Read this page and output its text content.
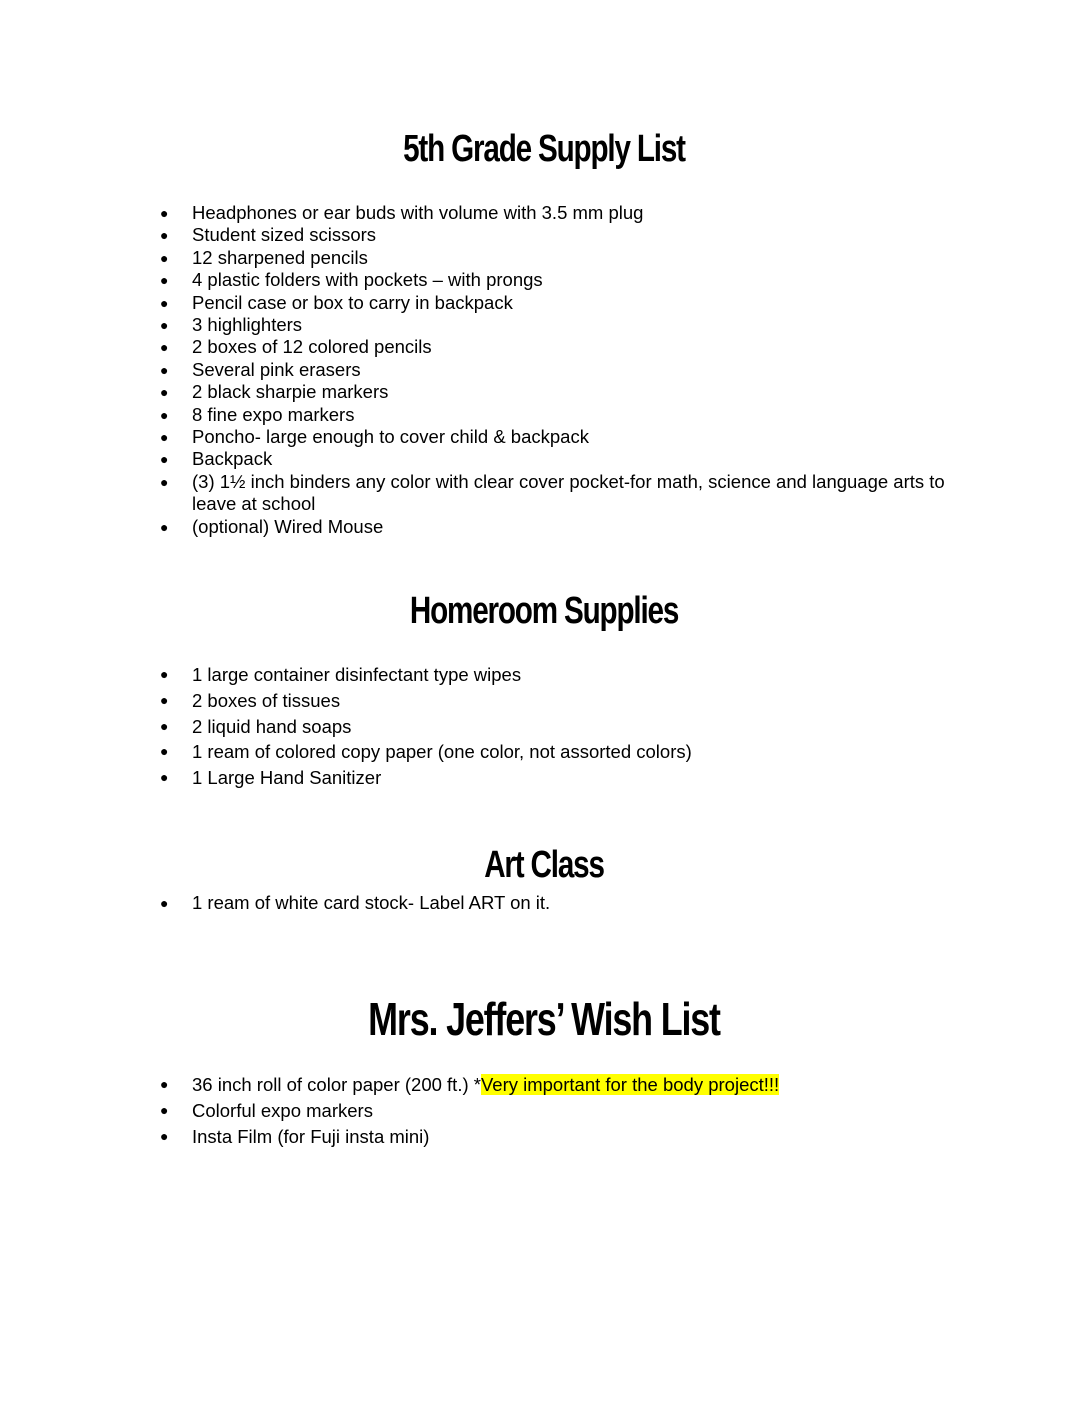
5th Grade Supply List
● Headphones or ear buds with volume with 3.5 mm plug
● Student sized scissors
● 12 sharpened pencils
● 4 plastic folders with pockets – with prongs
● Pencil case or box to carry in backpack
● 3 highlighters
● 2 boxes of 12 colored pencils
● Several pink erasers
● 2 black sharpie markers
● 8 fine expo markers
● Poncho- large enough to cover child & backpack
● Backpack
● (3) 1½ inch binders any color with clear cover pocket-for math, science and language arts to leave at school
● (optional) Wired Mouse
Homeroom Supplies
● 1 large container disinfectant type wipes
● 2 boxes of tissues
● 2 liquid hand soaps
● 1 ream of colored copy paper (one color, not assorted colors)
● 1 Large Hand Sanitizer
Art Class
● 1 ream of white card stock- Label ART on it.
Mrs. Jeffers’ Wish List
● 36 inch roll of color paper (200 ft.) *Very important for the body project!!!
● Colorful expo markers
● Insta Film (for Fuji insta mini)
